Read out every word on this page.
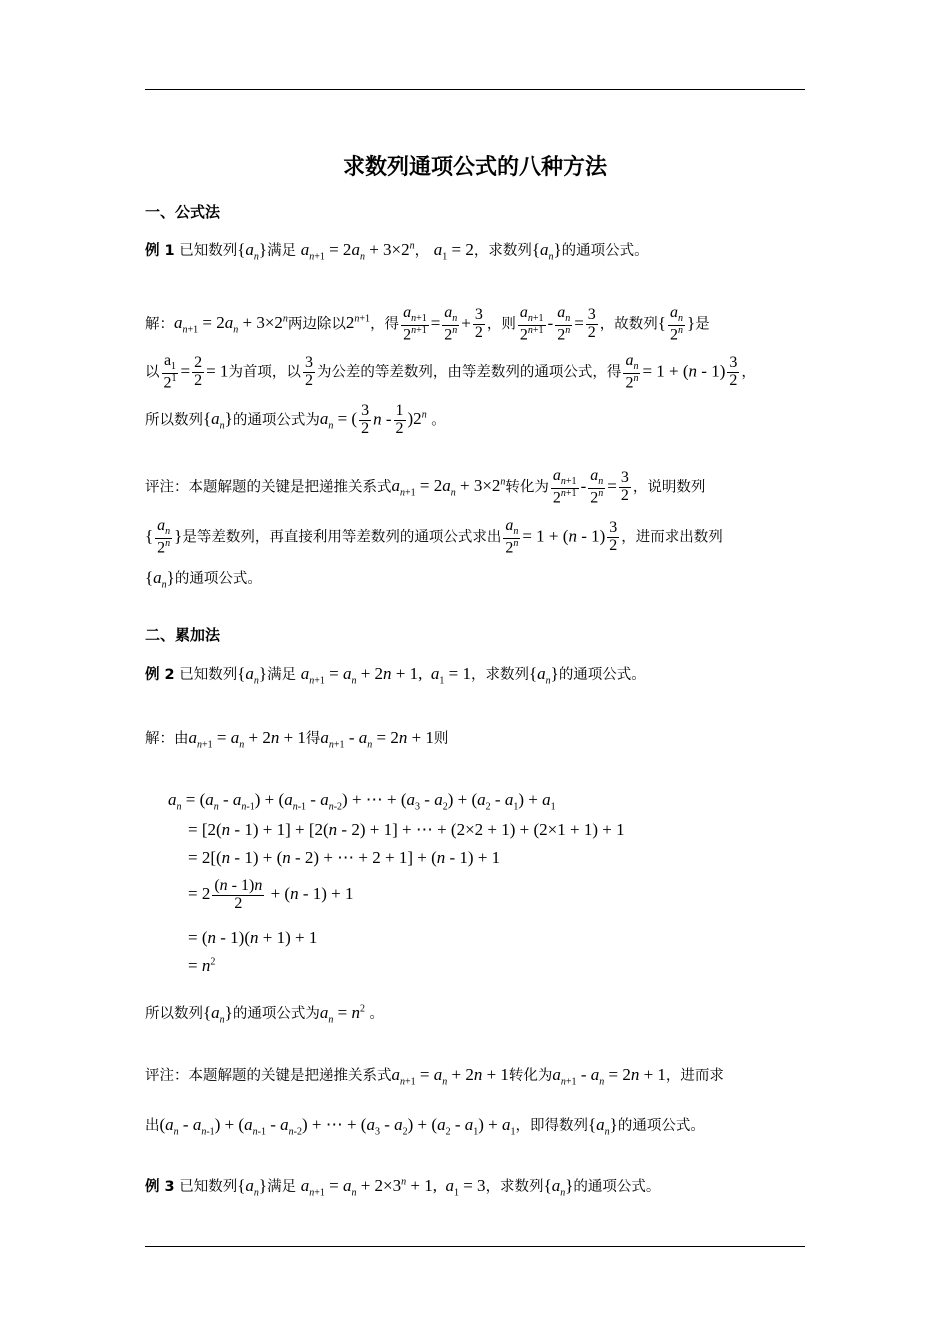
求数列通项公式的八种方法
一、公式法
例 1 已知数列$\{a_n\}$满足 $a_{n+1} = 2a_n + 3\times 2^n$， $a_1 = 2$，求数列$\{a_n\}$的通项公式。
解：$a_{n+1} = 2a_n + 3\times 2^n$两边除以$2^{n+1}$，得 $\frac{a_{n+1}}{2^{n+1}} = \frac{a_n}{2^n} + \frac{3}{2}$ ，则 $\frac{a_{n+1}}{2^{n+1}} - \frac{a_n}{2^n} = \frac{3}{2}$ ，故数列{ $\frac{a_n}{2^n}$ }是
以 $\frac{a_1}{2^1} = \frac{2}{2} = 1$为首项，以 $\frac{3}{2}$ 为公差的等差数列，由等差数列的通项公式，得 $\frac{a_n}{2^n} = 1 + (n - 1) \frac{3}{2}$ ，
所以数列$\{a_n\}$的通项公式为$a_n$ = ( $\frac{3}{2}$ n - $\frac{1}{2} )2^n$ 。
评注：本题解题的关键是把递推关系式$a_{n+1} = 2a_n + 3\times 2^n$转化为 $\frac{a_{n+1}}{2^{n+1}} - \frac{a_n}{2^n} = \frac{3}{2}$ ，说明数列
{ $\frac{a_n}{2^n}$ }是等差数列，再直接利用等差数列的通项公式求出 $\frac{a_n}{2^n} = 1 + (n - 1) \frac{3}{2}$ ，进而求出数列
$\{a_n\}$的通项公式。
二、累加法
例 2 已知数列$\{a_n\}$满足 $a_{n+1} = a_n + 2n + 1$,  $a_1 = 1$，求数列$\{a_n\}$的通项公式。
解：由$a_{n+1} = a_n + 2n + 1$得$a_{n+1} - a_n = 2n + 1$则
$a_n = (a_n - a_{n-1}) + (a_{n-1} - a_{n-2})$ + ⋯ + $(a_3 - a_2) + (a_2 - a_1) + a_1$
= [2(n - 1) + 1] + [2(n - 2) + 1] + ⋯ + (2×2 + 1) + (2×1 + 1) + 1
= 2[(n - 1) + (n - 2) + ⋯ + 2 + 1] + (n - 1) + 1
= $2 \frac{(n - 1)n}{2} + (n - 1) + 1$
= (n - 1)(n + 1) + 1
= $n^2$
所以数列$\{a_n\}$的通项公式为$a_n = n^2$ 。
评注：本题解题的关键是把递推关系式$a_{n+1} = a_n + 2n + 1$转化为$a_{n+1} - a_n = 2n + 1$，进而求
出$(a_n - a_{n-1}) + (a_{n-1} - a_{n-2})$ + ⋯ + $(a_3 - a_2) + (a_2 - a_1) + a_1$，即得数列$\{a_n\}$的通项公式。
例 3 已知数列$\{a_n\}$满足 $a_{n+1} = a_n + 2\times 3^n + 1$,  $a_1 = 3$，求数列$\{a_n\}$的通项公式。
